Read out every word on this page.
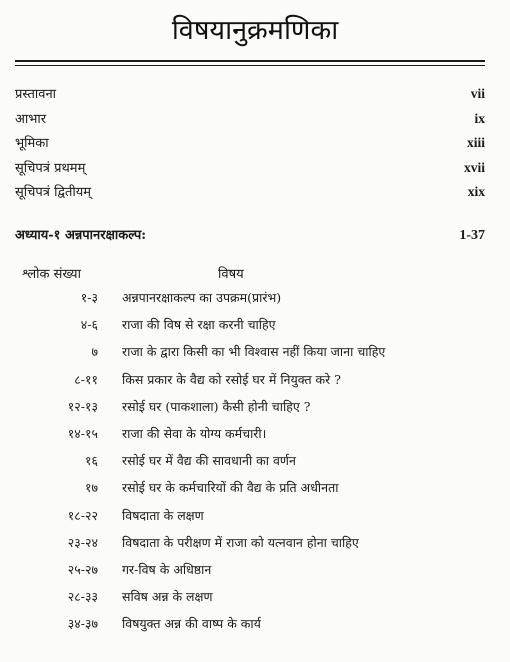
विषयानुक्रमणिका
प्रस्तावना	vii
आभार	ix
भूमिका	xiii
सूचिपत्रं प्रथमम्	xvii
सूचिपत्रं द्वितीयम्	xix
अध्याय-१ अन्नपानरक्षाकल्प:	1-37
श्लोक संख्या	विषय
१-३ अन्नपानरक्षाकल्प का उपक्रम(प्रारंभ)
४-६ राजा की विष से रक्षा करनी चाहिए
७ राजा के द्वारा किसी का भी विश्वास नहीं किया जाना चाहिए
८-११ किस प्रकार के वैद्य को रसोई घर में नियुक्त करे ?
१२-१३ रसोई घर (पाकशाला) कैसी होनी चाहिए ?
१४-१५ राजा की सेवा के योग्य कर्मचारी।
१६ रसोई घर में वैद्य की सावधानी का वर्णन
१७ रसोई घर के कर्मचारियों की वैद्य के प्रति अधीनता
१८-२२ विषदाता के लक्षण
२३-२४ विषदाता के परीक्षण में राजा को यत्नवान होना चाहिए
२५-२७ गर-विष के अधिष्ठान
२८-३३ सविष अन्न के लक्षण
३४-३७ विषयुक्त अन्न की वाष्प के कार्य
